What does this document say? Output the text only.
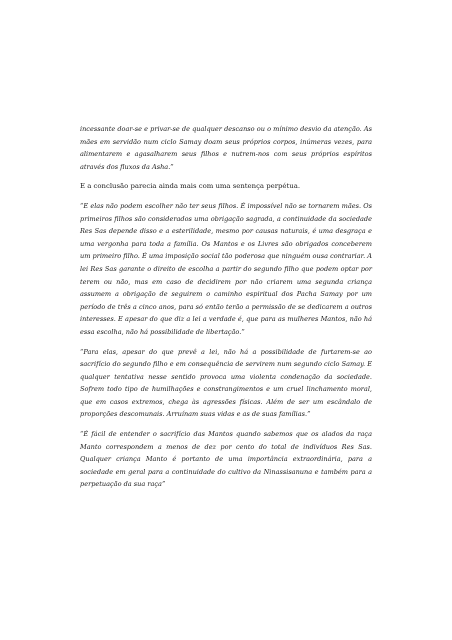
incessante doar-se e privar-se de qualquer descanso ou o mínimo desvio da atenção. As mães em servidão num ciclo Samay doam seus próprios corpos, inúmeras vezes, para alimentarem e agasalharem seus filhos e nutrem-nos com seus próprios espíritos através dos fluxos da Asha.”

E a conclusão parecia ainda mais com uma sentença perpétua.

“E elas não podem escolher não ter seus filhos. É impossível não se tornarem mães. Os primeiros filhos são considerados uma obrigação sagrada, a continuidade da sociedade Res Sas depende disso e a esterilidade, mesmo por causas naturais, é uma desgraça e uma vergonha para toda a família. Os Mantos e os Livres são obrigados conceberem um primeiro filho. É uma imposição social tão poderosa que ninguém ousa contrariar. A lei Res Sas garante o direito de escolha a partir do segundo filho que podem optar por terem ou não, mas em caso de decidirem por não criarem uma segunda criança assumem a obrigação de seguirem o caminho espiritual dos Pacha Samay por um período de três a cinco anos, para só então terão a permissão de se dedicarem a outros interesses. E apesar do que diz a lei a verdade é, que para as mulheres Mantos, não há essa escolha, não há possibilidade de libertação.”

“Para elas, apesar do que prevê a lei, não há a possibilidade de furtarem-se ao sacrifício do segundo filho e em consequência de servirem num segundo ciclo Samay. E qualquer tentativa nesse sentido provoca uma violenta condenação da sociedade. Sofrem todo tipo de humilhações e constrangimentos e um cruel linchamento moral, que em casos extremos, chega às agressões físicas. Além de ser um escândalo de proporções descomunais. Arruínam suas vidas e as de suas famílias.”

“É fácil de entender o sacrifício das Mantos quando sabemos que os alados da raça Manto correspondem a menos de dez por cento do total de indivíduos Res Sas. Qualquer criança Manto é portanto de uma importância extraordinária, para a sociedade em geral para a continuidade do cultivo da Ninassisanuna e também para a perpetuação da sua raça”
